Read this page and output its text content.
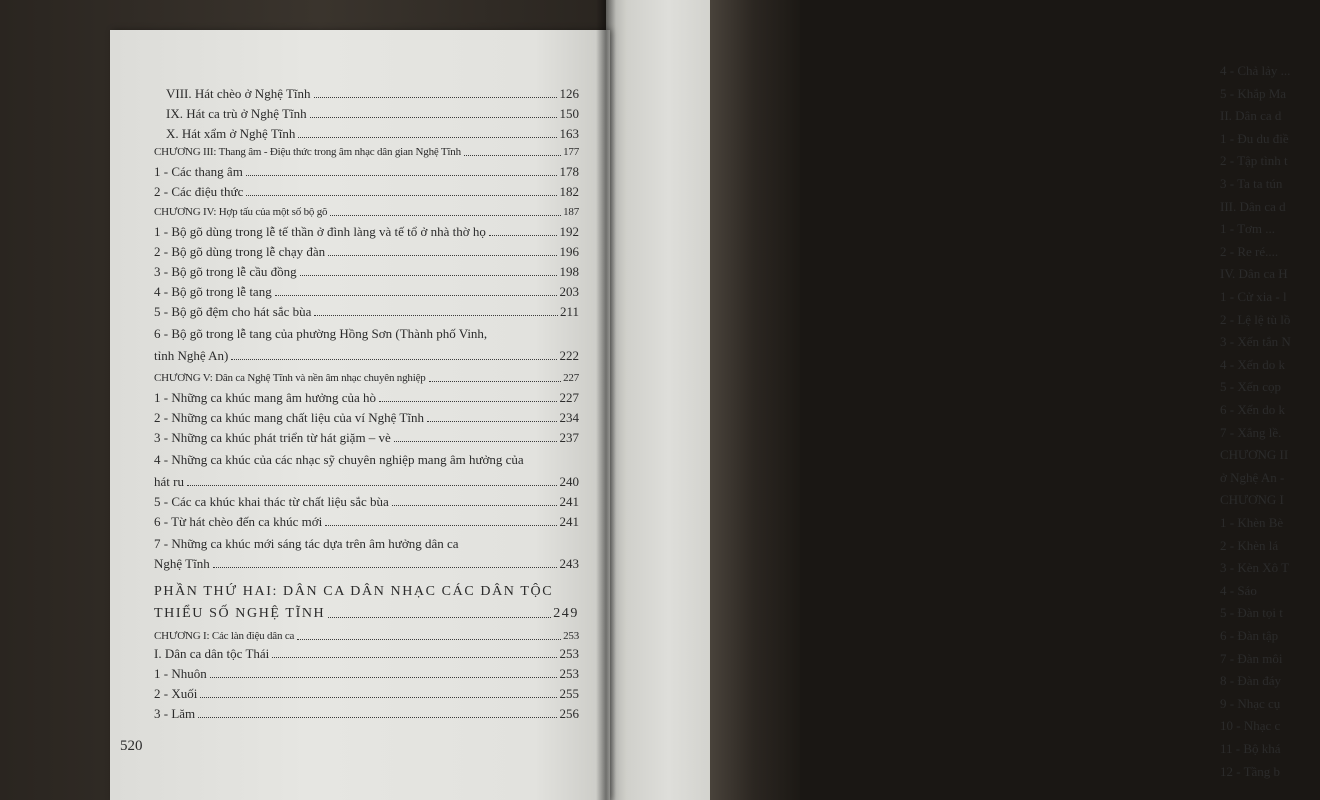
4 - Chả lảy ...
5 - Khắp Ma
II. Dân ca d
1 - Đu du điề
2 - Tập tình t
3 - Ta ta tún
III. Dân ca d
1 - Tơm ...
2 - Re ré....
IV. Dân ca H
1 - Cử xia - l
2 - Lệ lệ tù lồ
3 - Xến tắn N
4 - Xến do k
5 - Xến cọp
6 - Xến do k
7 - Xắng lề.
CHƯƠNG II
ở Nghệ An -
CHƯƠNG I
1 - Khèn Bè
2 - Khèn lá
3 - Kèn Xô T
4 - Sáo
5 - Đàn tọi t
6 - Đàn tập
7 - Đàn môi
8 - Đàn đáy
9 - Nhạc cụ
10 - Nhạc c
11 - Bộ khá
12 - Tầng b
VIII. Hát chèo ở Nghệ Tĩnh	126
IX. Hát ca trù ở Nghệ Tĩnh	150
X. Hát xẩm ở Nghệ Tĩnh	163
CHƯƠNG III: Thang âm - Điệu thức trong âm nhạc dân gian Nghệ Tĩnh	177
1 - Các thang âm	178
2 - Các điệu thức	182
CHƯƠNG IV: Hợp tấu của một số bộ gõ	187
1 - Bộ gõ dùng trong lễ tế thần ở đình làng và tế tổ ở nhà thờ họ	192
2 - Bộ gõ dùng trong lễ chạy đàn	196
3 - Bộ gõ trong lễ cầu đồng	198
4 - Bộ gõ trong lễ tang	203
5 - Bộ gõ đệm cho hát sắc bùa	211
6 - Bộ gõ trong lễ tang của phường Hồng Sơn (Thành phố Vinh,
tỉnh Nghệ An)	222
CHƯƠNG V: Dân ca Nghệ Tĩnh và nền âm nhạc chuyên nghiệp	227
1 - Những ca khúc mang âm hưởng của hò	227
2 - Những ca khúc mang chất liệu của ví Nghệ Tĩnh	234
3 - Những ca khúc phát triển từ hát giặm – vè	237
4 - Những ca khúc của các nhạc sỹ chuyên nghiệp mang âm hưởng của
hát ru	240
5 - Các ca khúc khai thác từ chất liệu sắc bùa	241
6 - Từ hát chèo đến ca khúc mới	241
7 - Những ca khúc mới sáng tác dựa trên âm hưởng dân ca
Nghệ Tĩnh	243
PHẦN THỨ HAI: DÂN CA DÂN NHẠC CÁC DÂN TỘC
THIỂU SỐ NGHỆ TĨNH	249
CHƯƠNG I: Các làn điệu dân ca	253
I. Dân ca dân tộc Thái	253
1 - Nhuôn	253
2 - Xuối	255
3 - Lăm	256
520
